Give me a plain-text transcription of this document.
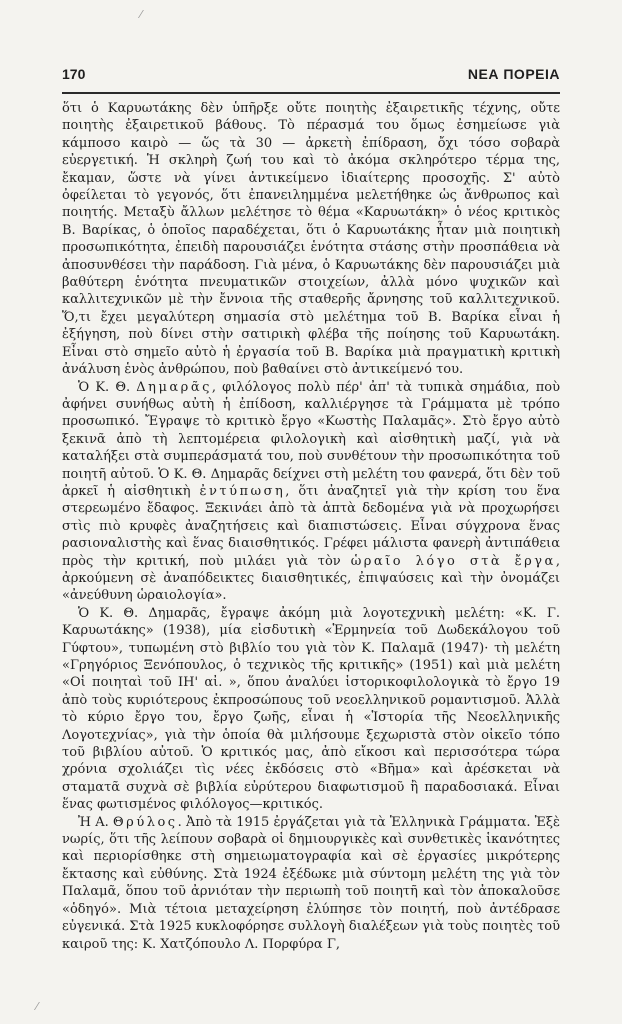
170	ΝΕΑ ΠΟΡΕΙΑ

ὅτι ὁ Καρυωτάκης δὲν ὑπῆρξε οὔτε ποιητὴς ἐξαιρετικῆς τέχνης, οὔτε ποιητὴς ἐξαιρετικοῦ βάθους. Τὸ πέρασμά του ὅμως ἐσημείωσε γιὰ κάμποσο καιρὸ — ὥς τὰ 30 — ἀρκετὴ ἐπίδραση, ὄχι τόσο σοβαρὰ εὐεργετική. Ἡ σκληρὴ ζωή του καὶ τὸ ἀκόμα σκληρότερο τέρμα της, ἔκαμαν, ὥστε νὰ γίνει ἀντικείμενο ἰδιαίτερης προσοχῆς. Σ' αὐτὸ ὀφείλεται τὸ γεγονός, ὅτι ἐπανειλημμένα μελετήθηκε ὡς ἄνθρωπος καὶ ποιητής. Μεταξὺ ἄλλων μελέτησε τὸ θέμα «Καρυωτάκη» ὁ νέος κριτικὸς Β. Βαρίκας, ὁ ὁποῖος παραδέχεται, ὅτι ὁ Καρυωτάκης ἦταν μιὰ ποιητικὴ προσωπικότητα, ἐπειδὴ παρουσιάζει ἑνότητα στάσης στὴν προσπάθεια νὰ ἀποσυνθέσει τὴν παράδοση. Γιὰ μένα, ὁ Καρυωτάκης δὲν παρουσιάζει μιὰ βαθύτερη ἑνότητα πνευματικῶν στοιχείων, ἀλλὰ μόνο ψυχικῶν καὶ καλλιτεχνικῶν μὲ τὴν ἔννοια τῆς σταθερῆς ἄρνησης τοῦ καλλιτεχνικοῦ. Ὅ,τι ἔχει μεγαλύτερη σημασία στὸ μελέτημα τοῦ Β. Βαρίκα εἶναι ἡ ἐξήγηση, ποὺ δίνει στὴν σατιρικὴ φλέβα τῆς ποίησης τοῦ Καρυωτάκη. Εἶναι στὸ σημεῖο αὐτὸ ἡ ἐργασία τοῦ Β. Βαρίκα μιὰ πραγματικὴ κριτικὴ ἀνάλυση ἑνὸς ἀνθρώπου, ποὺ βαθαίνει στὸ ἀντικείμενό του.

Ὁ Κ. Θ. Δημαρᾶς, φιλόλογος πολὺ πέρ' ἀπ' τὰ τυπικὰ σημάδια, ποὺ ἀφήνει συνήθως αὐτὴ ἡ ἐπίδοση, καλλιέργησε τὰ Γράμματα μὲ τρόπο προσωπικό. Ἔγραψε τὸ κριτικὸ ἔργο «Κωστὴς Παλαμᾶς». Στὸ ἔργο αὐτὸ ξεκινᾶ ἀπὸ τὴ λεπτομέρεια φιλολογικὴ καὶ αἰσθητικὴ μαζί, γιὰ νὰ καταλήξει στὰ συμπεράσματά του, ποὺ συνθέτουν τὴν προσωπικότητα τοῦ ποιητῆ αὐτοῦ. Ὁ Κ. Θ. Δημαρᾶς δείχνει στὴ μελέτη του φανερά, ὅτι δὲν τοῦ ἀρκεῖ ἡ αἰσθητικὴ ἐντύπωση, ὅτι ἀναζητεῖ γιὰ τὴν κρίση του ἕνα στερεωμένο ἔδαφος. Ξεκινάει ἀπὸ τὰ ἁπτὰ δεδομένα γιὰ νὰ προχωρήσει στὶς πιὸ κρυφὲς ἀναζητήσεις καὶ διαπιστώσεις. Εἶναι σύγχρονα ἕνας ρασιοναλιστὴς καὶ ἕνας διαισθητικός. Γρέφει μάλιστα φανερὴ ἀντιπάθεια πρὸς τὴν κριτική, ποὺ μιλάει γιὰ τὸν ὡραῖο λόγο στὰ ἔργα, ἀρκούμενη σὲ ἀναπόδεικτες διαισθητικές, ἐπιψαύσεις καὶ τὴν ὀνομάζει «ἀνεύθυνη ὡραιολογία».

Ὁ Κ. Θ. Δημαρᾶς, ἔγραψε ἀκόμη μιὰ λογοτεχνικὴ μελέτη: «Κ. Γ. Καρυωτάκης» (1938), μία εἰσδυτικὴ «Ἑρμηνεία τοῦ Δωδεκάλογου τοῦ Γύφτου», τυπωμένη στὸ βιβλίο του γιὰ τὸν Κ. Παλαμᾶ (1947)· τὴ μελέτη «Γρηγόριος Ξενόπουλος, ὁ τεχνικὸς τῆς κριτικῆς» (1951) καὶ μιὰ μελέτη «Οἱ ποιηταὶ τοῦ ΙΗ' αἰ. », ὅπου ἀναλύει ἱστορικοφιλολογικὰ τὸ ἔργο 19 ἀπὸ τοὺς κυριότερους ἐκπροσώπους τοῦ νεοελληνικοῦ ρομαντισμοῦ. Ἀλλὰ τὸ κύριο ἔργο του, ἔργο ζωῆς, εἶναι ἡ «Ἱστορία τῆς Νεοελληνικῆς Λογοτεχνίας», γιὰ τὴν ὁποία θὰ μιλήσουμε ξεχωριστὰ στὸν οἰκεῖο τόπο τοῦ βιβλίου αὐτοῦ. Ὁ κριτικός μας, ἀπὸ εἴκοσι καὶ περισσότερα τώρα χρόνια σχολιάζει τὶς νέες ἐκδόσεις στὸ «Βῆμα» καὶ ἀρέσκεται νὰ σταματᾶ συχνὰ σὲ βιβλία εὐρύτερου διαφωτισμοῦ ἢ παραδοσιακά. Εἶναι ἕνας φωτισμένος φιλόλογος—κριτικός.

Ἠ Α. Θρύλος. Ἀπὸ τὰ 1915 ἐργάζεται γιὰ τὰ Ἑλληνικὰ Γράμματα. Ἐξὲ νωρίς, ὅτι τῆς λείπουν σοβαρὰ οἱ δημιουργικὲς καὶ συνθετικὲς ἱκανότητες καὶ περιορίσθηκε στὴ σημειωματογραφία καὶ σὲ ἐργασίες μικρότερης ἔκτασης καὶ εὐθύνης. Στὰ 1924 ἐξέδωκε μιὰ σύντομη μελέτη της γιὰ τὸν Παλαμᾶ, ὅπου τοῦ ἀρνιόταν τὴν περιωπὴ τοῦ ποιητῆ καὶ τὸν ἀποκαλοῦσε «ὁδηγό». Μιὰ τέτοια μεταχείρηση ἐλύπησε τὸν ποιητή, ποὺ ἀντέδρασε εὐγενικά. Στὰ 1925 κυκλοφόρησε συλλογὴ διαλέξεων γιὰ τοὺς ποιητὲς τοῦ καιροῦ της: Κ. Χατζόπουλο Λ. Πορφύρα Γ,

⁄
⁄
